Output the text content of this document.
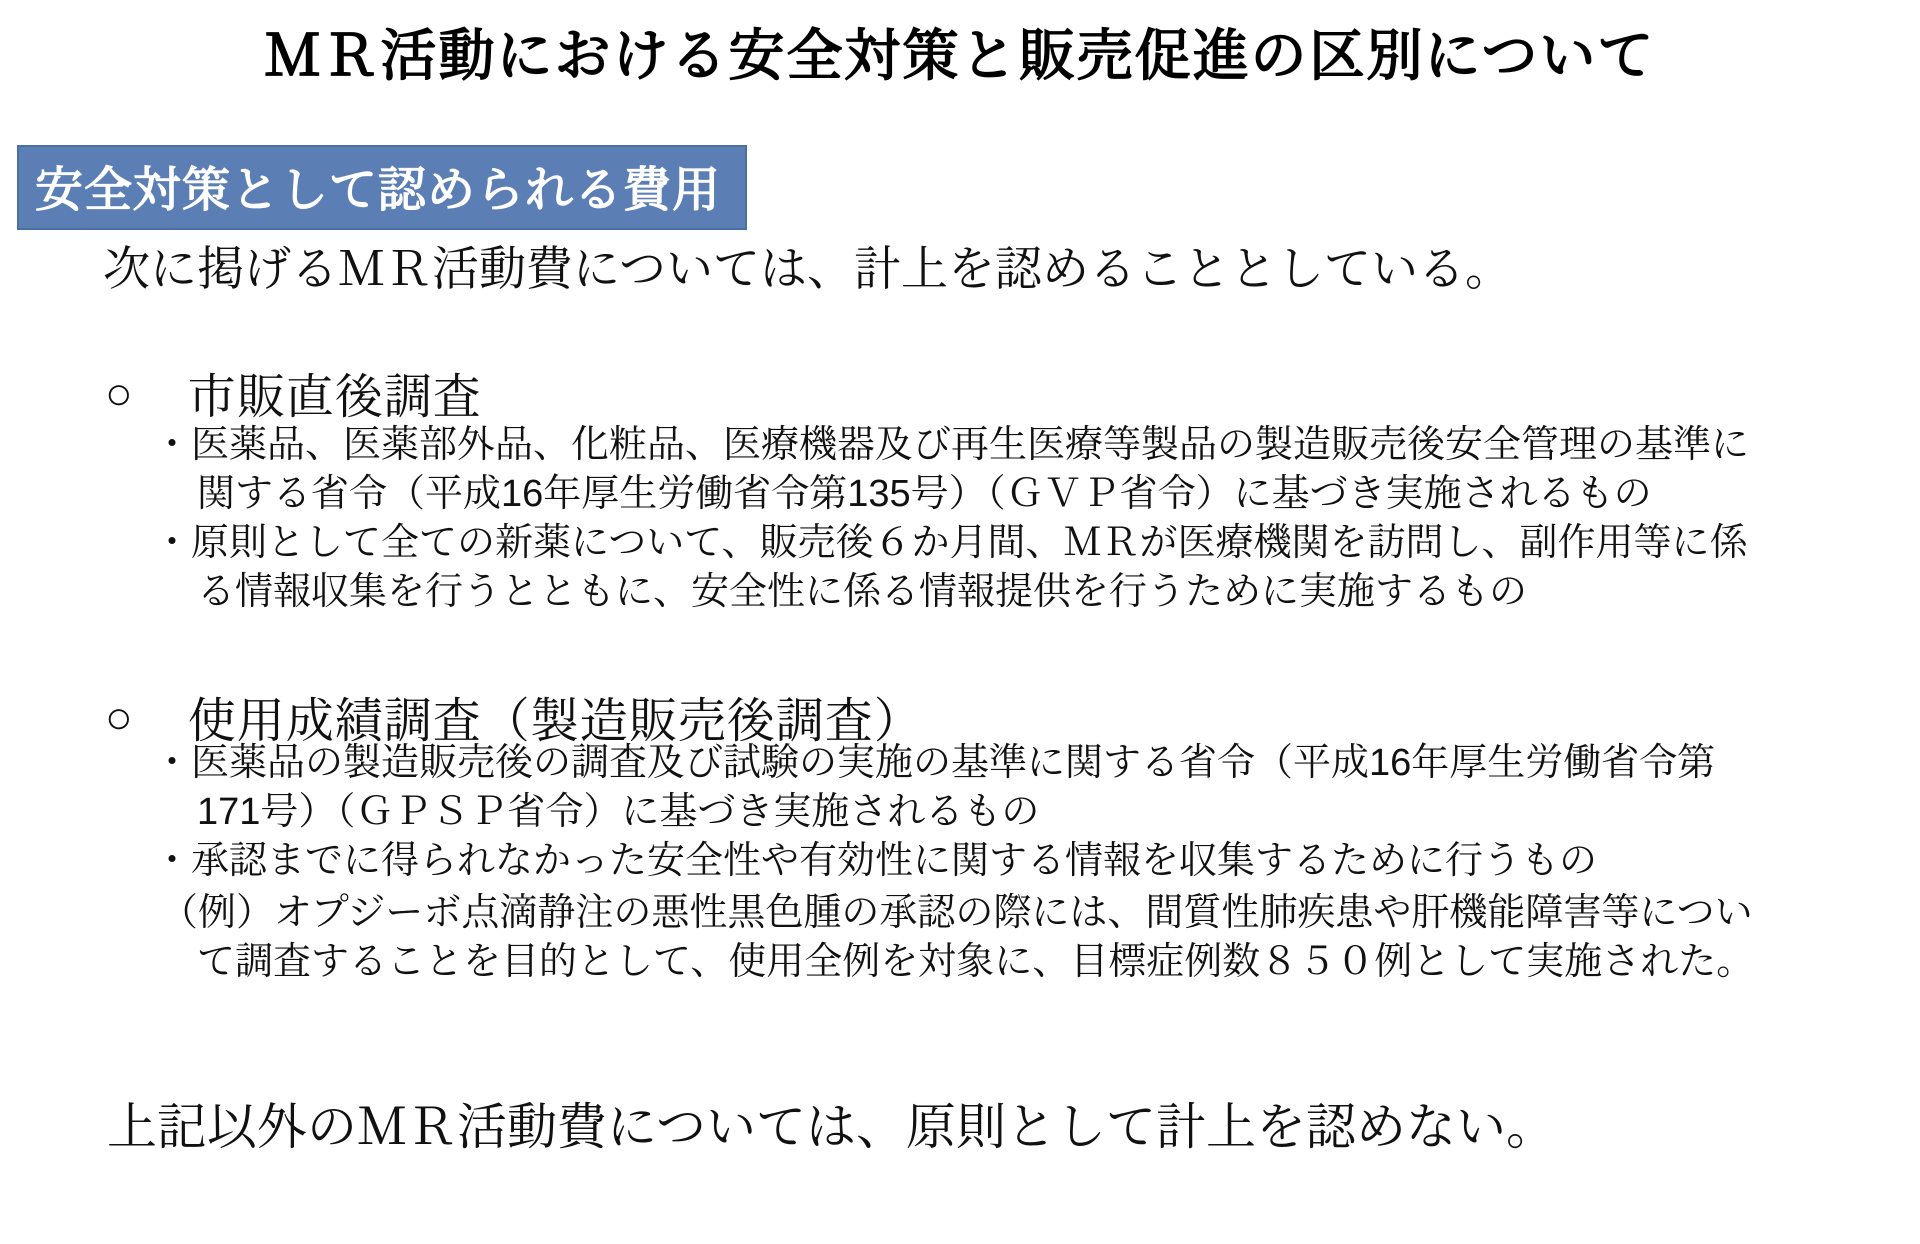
ＭＲ活動における安全対策と販売促進の区別について
安全対策として認められる費用
次に掲げるＭＲ活動費については、計上を認めることとしている。
○ 市販直後調査
・医薬品、医薬部外品、化粧品、医療機器及び再生医療等製品の製造販売後安全管理の基準に
関する省令（平成16年厚生労働省令第135号）（ＧＶＰ省令）に基づき実施されるもの
・原則として全ての新薬について、販売後６か月間、ＭＲが医療機関を訪問し、副作用等に係
る情報収集を行うとともに、安全性に係る情報提供を行うために実施するもの
○ 使用成績調査（製造販売後調査）
・医薬品の製造販売後の調査及び試験の実施の基準に関する省令（平成16年厚生労働省令第
171号）（ＧＰＳＰ省令）に基づき実施されるもの
・承認までに得られなかった安全性や有効性に関する情報を収集するために行うもの
（例）オプジーボ点滴静注の悪性黒色腫の承認の際には、間質性肺疾患や肝機能障害等につい
て調査することを目的として、使用全例を対象に、目標症例数８５０例として実施された。
上記以外のＭＲ活動費については、原則として計上を認めない。
